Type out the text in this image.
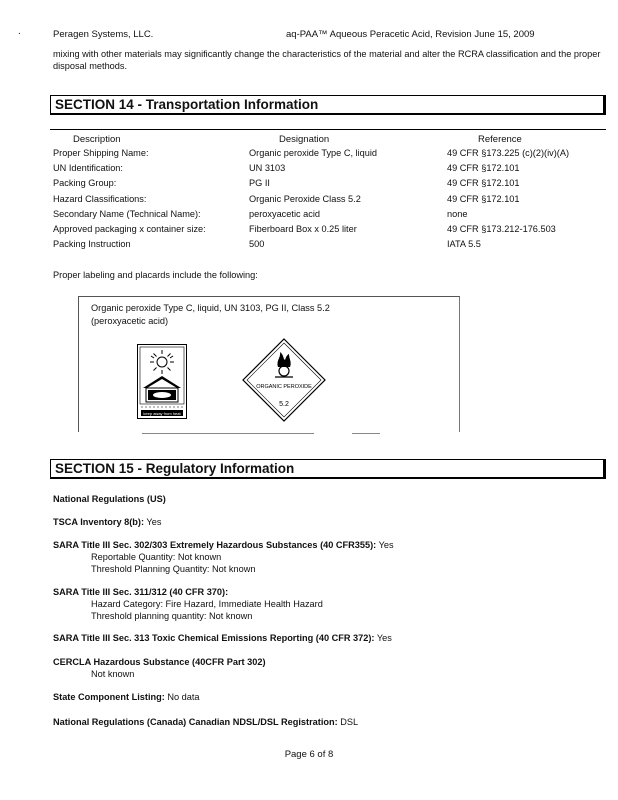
.	Peragen Systems, LLC.	aq-PAA™ Aqueous Peracetic Acid, Revision June 15, 2009
mixing with other materials may significantly change the characteristics of the material and alter the RCRA classification and the proper disposal methods.
SECTION 14 - Transportation Information
Description	Designation	Reference
Proper Shipping Name:	Organic peroxide Type C, liquid	49 CFR §173.225 (c)(2)(iv)(A)
UN Identification:	UN 3103	49 CFR §172.101
Packing Group:	PG II	49 CFR §172.101
Hazard Classifications:	Organic Peroxide Class 5.2	49 CFR §172.101
Secondary Name (Technical Name):	peroxyacetic acid	none
Approved packaging x container size:	Fiberboard Box x 0.25 liter	49 CFR §173.212-176.503
Packing Instruction	500	IATA 5.5
Proper labeling and placards include the following:
Organic peroxide Type C, liquid, UN 3103, PG II, Class 5.2
(peroxyacetic acid)
keep away from heat
ORGANIC PEROXIDE
5.2
SECTION 15 - Regulatory Information
National Regulations (US)
TSCA Inventory 8(b): Yes
SARA Title III Sec. 302/303 Extremely Hazardous Substances (40 CFR355): Yes
Reportable Quantity: Not known
Threshold Planning Quantity: Not known
SARA Title III Sec. 311/312 (40 CFR 370):
Hazard Category: Fire Hazard, Immediate Health Hazard
Threshold planning quantity: Not known
SARA Title III Sec. 313 Toxic Chemical Emissions Reporting (40 CFR 372): Yes
CERCLA Hazardous Substance (40CFR Part 302)
Not known
State Component Listing: No data
National Regulations (Canada) Canadian NDSL/DSL Registration: DSL
Page 6 of 8
